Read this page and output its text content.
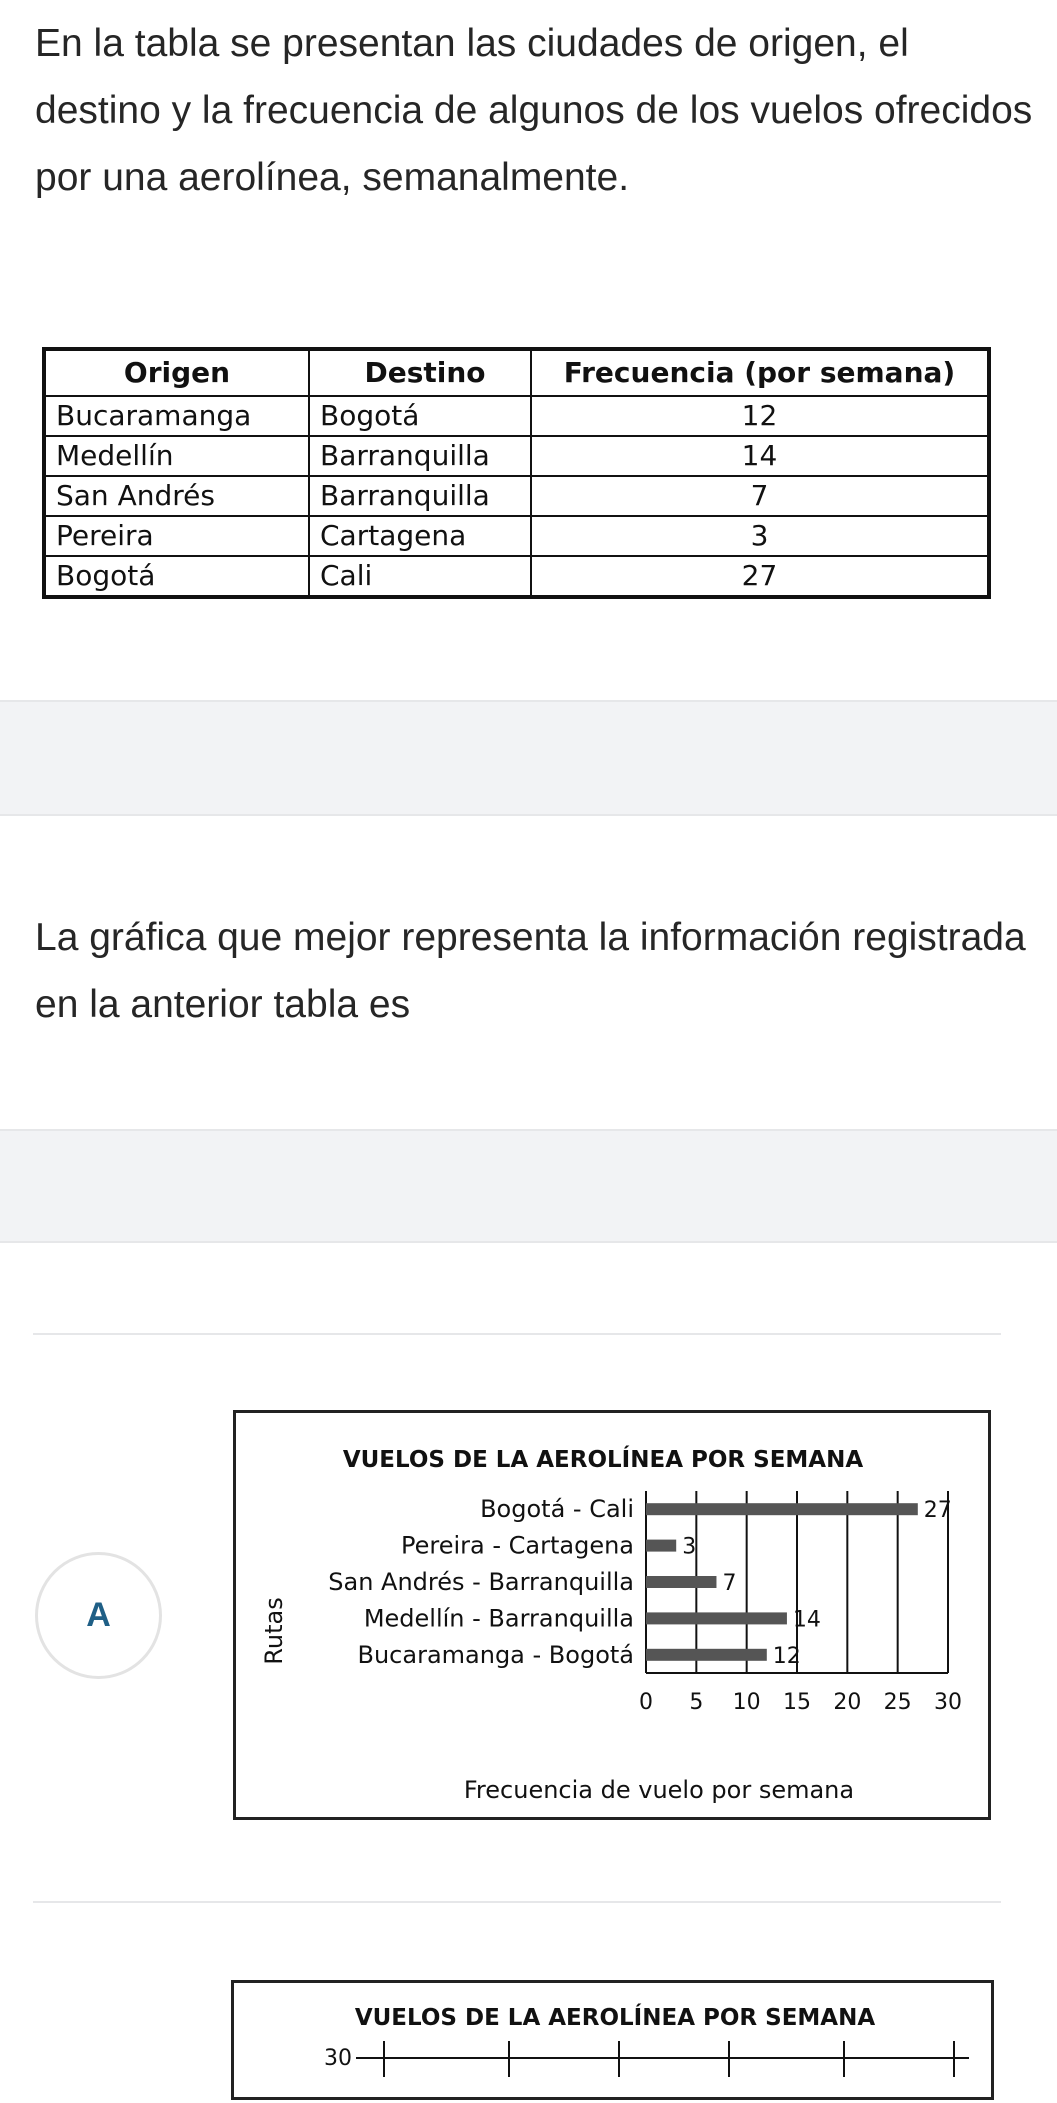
En la tabla se presentan las ciudades de origen, el destino y la frecuencia de algunos de los vuelos ofrecidos por una aerolínea, semanalmente.

Origen	Destino	Frecuencia (por semana)
Bucaramanga	Bogotá	12
Medellín	Barranquilla	14
San Andrés	Barranquilla	7
Pereira	Cartagena	3
Bogotá	Cali	27

La gráfica que mejor representa la información registrada en la anterior tabla es

A
VUELOS DE LA AEROLÍNEA POR SEMANA
Rutas
Frecuencia de vuelo por semana
Bogotá - Cali
Pereira - Cartagena
San Andrés - Barranquilla
Medellín - Barranquilla
Bucaramanga - Bogotá
27
3
7
14
12
0 5 10 15 20 25 30
VUELOS DE LA AEROLÍNEA POR SEMANA
30
